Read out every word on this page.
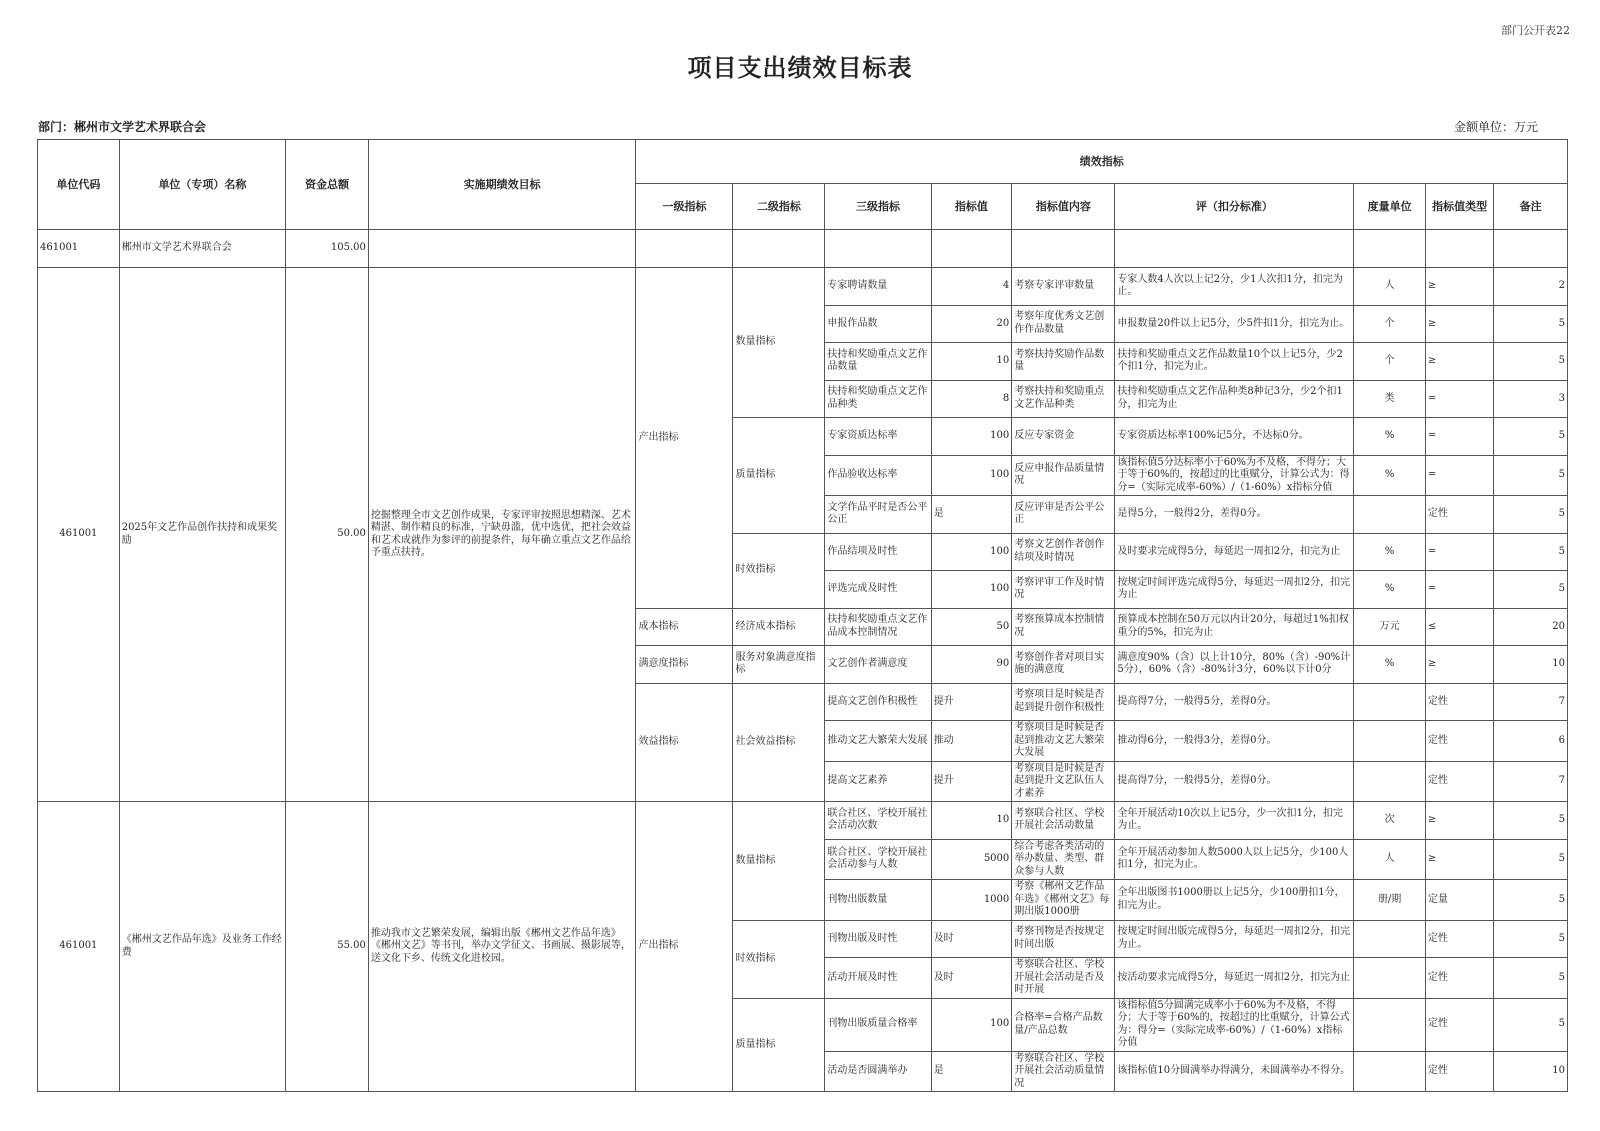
部门公开表22
项目支出绩效目标表
部门：郴州市文学艺术界联合会	金额单位：万元
单位代码	单位（专项）名称	资金总额	实施期绩效目标	绩效指标								
				一级指标	二级指标	三级指标	指标值	指标值内容	评（扣分标准）	度量单位	指标值类型	备注
461001	郴州市文学艺术界联合会	105.00										
461001	2025年文艺作品创作扶持和成果奖励	50.00	挖掘整理全市文艺创作成果，专家评审按照思想精深、艺术精湛、制作精良的标准，宁缺毋滥，优中选优，把社会效益和艺术成就作为参评的前提条件，每年确立重点文艺作品给予重点扶持。	产出指标	数量指标	专家聘请数量	4	考察专家评审数量	专家人数4人次以上记2分，少1人次扣1分，扣完为止。	人	≥	2
						申报作品数	20	考察年度优秀文艺创作作品数量	申报数量20件以上记5分，少5件扣1分，扣完为止。	个	≥	5
						扶持和奖励重点文艺作品数量	10	考察扶持奖励作品数量	扶持和奖励重点文艺作品数量10个以上记5分，少2个扣1分，扣完为止。	个	≥	5
						扶持和奖励重点文艺作品种类	8	考察扶持和奖励重点文艺作品种类	扶持和奖励重点文艺作品种类8种记3分，少2个扣1分，扣完为止	类	=	3
					质量指标	专家资质达标率	100	反应专家资金	专家资质达标率100%记5分，不达标0分。	%	=	5
						作品验收达标率	100	反应申报作品质量情况	该指标值5分达标率小于60%为不及格，不得分；大于等于60%的，按超过的比重赋分，计算公式为：得分=（实际完成率-60%）/（1-60%）x指标分值	%	=	5
						文学作品平时是否公平公正	是	反应评审是否公平公正	是得5分，一般得2分，差得0分。		定性	5
					时效指标	作品结项及时性	100	考察文艺创作者创作结项及时情况	及时要求完成得5分，每延迟一周扣2分，扣完为止	%	=	5
						评选完成及时性	100	考察评审工作及时情况	按规定时间评选完成得5分，每延迟一周扣2分，扣完为止	%	=	5
				成本指标	经济成本指标	扶持和奖励重点文艺作品成本控制情况	50	考察预算成本控制情况	预算成本控制在50万元以内计20分，每超过1%扣权重分的5%，扣完为止	万元	≤	20
				满意度指标	服务对象满意度指标	文艺创作者满意度	90	考察创作者对项目实施的满意度	满意度90%（含）以上计10分，80%（含）-90%计5分），60%（含）-80%计3分，60%以下计0分	%	≥	10
				效益指标	社会效益指标	提高文艺创作积极性	提升	考察项目是时候是否起到提升创作积极性	提高得7分，一般得5分，差得0分。		定性	7
						推动文艺大繁荣大发展	推动	考察项目是时候是否起到推动文艺大繁荣大发展	推动得6分，一般得3分，差得0分。		定性	6
						提高文艺素养	提升	考察项目是时候是否起到提升文艺队伍人才素养	提高得7分，一般得5分，差得0分。		定性	7
461001	《郴州文艺作品年选》及业务工作经费	55.00	推动我市文艺繁荣发展，编辑出版《郴州文艺作品年选》《郴州文艺》等书刊，举办文学征文、书画展、摄影展等，送文化下乡、传统文化进校园。	产出指标	数量指标	联合社区、学校开展社会活动次数	10	考察联合社区、学校开展社会活动数量	全年开展活动10次以上记5分，少一次扣1分，扣完为止。	次	≥	5
						联合社区、学校开展社会活动参与人数	5000	综合考虑各类活动的举办数量、类型、群众参与人数	全年开展活动参加人数5000人以上记5分，少100人扣1分，扣完为止。	人	≥	5
						刊物出版数量	1000	考察《郴州文艺作品年选》《郴州文艺》每期出版1000册	全年出版图书1000册以上记5分，少100册扣1分，扣完为止。	册/期	定量	5
					时效指标	刊物出版及时性	及时	考察刊物是否按规定时间出版	按规定时间出版完成得5分，每延迟一周扣2分，扣完为止。		定性	5
						活动开展及时性	及时	考察联合社区、学校开展社会活动是否及时开展	按活动要求完成得5分，每延迟一周扣2分，扣完为止		定性	5
					质量指标	刊物出版质量合格率	100	合格率=合格产品数量/产品总数	该指标值5分圆满完成率小于60%为不及格，不得分；大于等于60%的，按超过的比重赋分，计算公式为：得分=（实际完成率-60%）/（1-60%）x指标分值		定性	5
						活动是否圆满举办	是	考察联合社区、学校开展社会活动质量情况	该指标值10分圆满举办得满分，未圆满举办不得分。		定性	10
